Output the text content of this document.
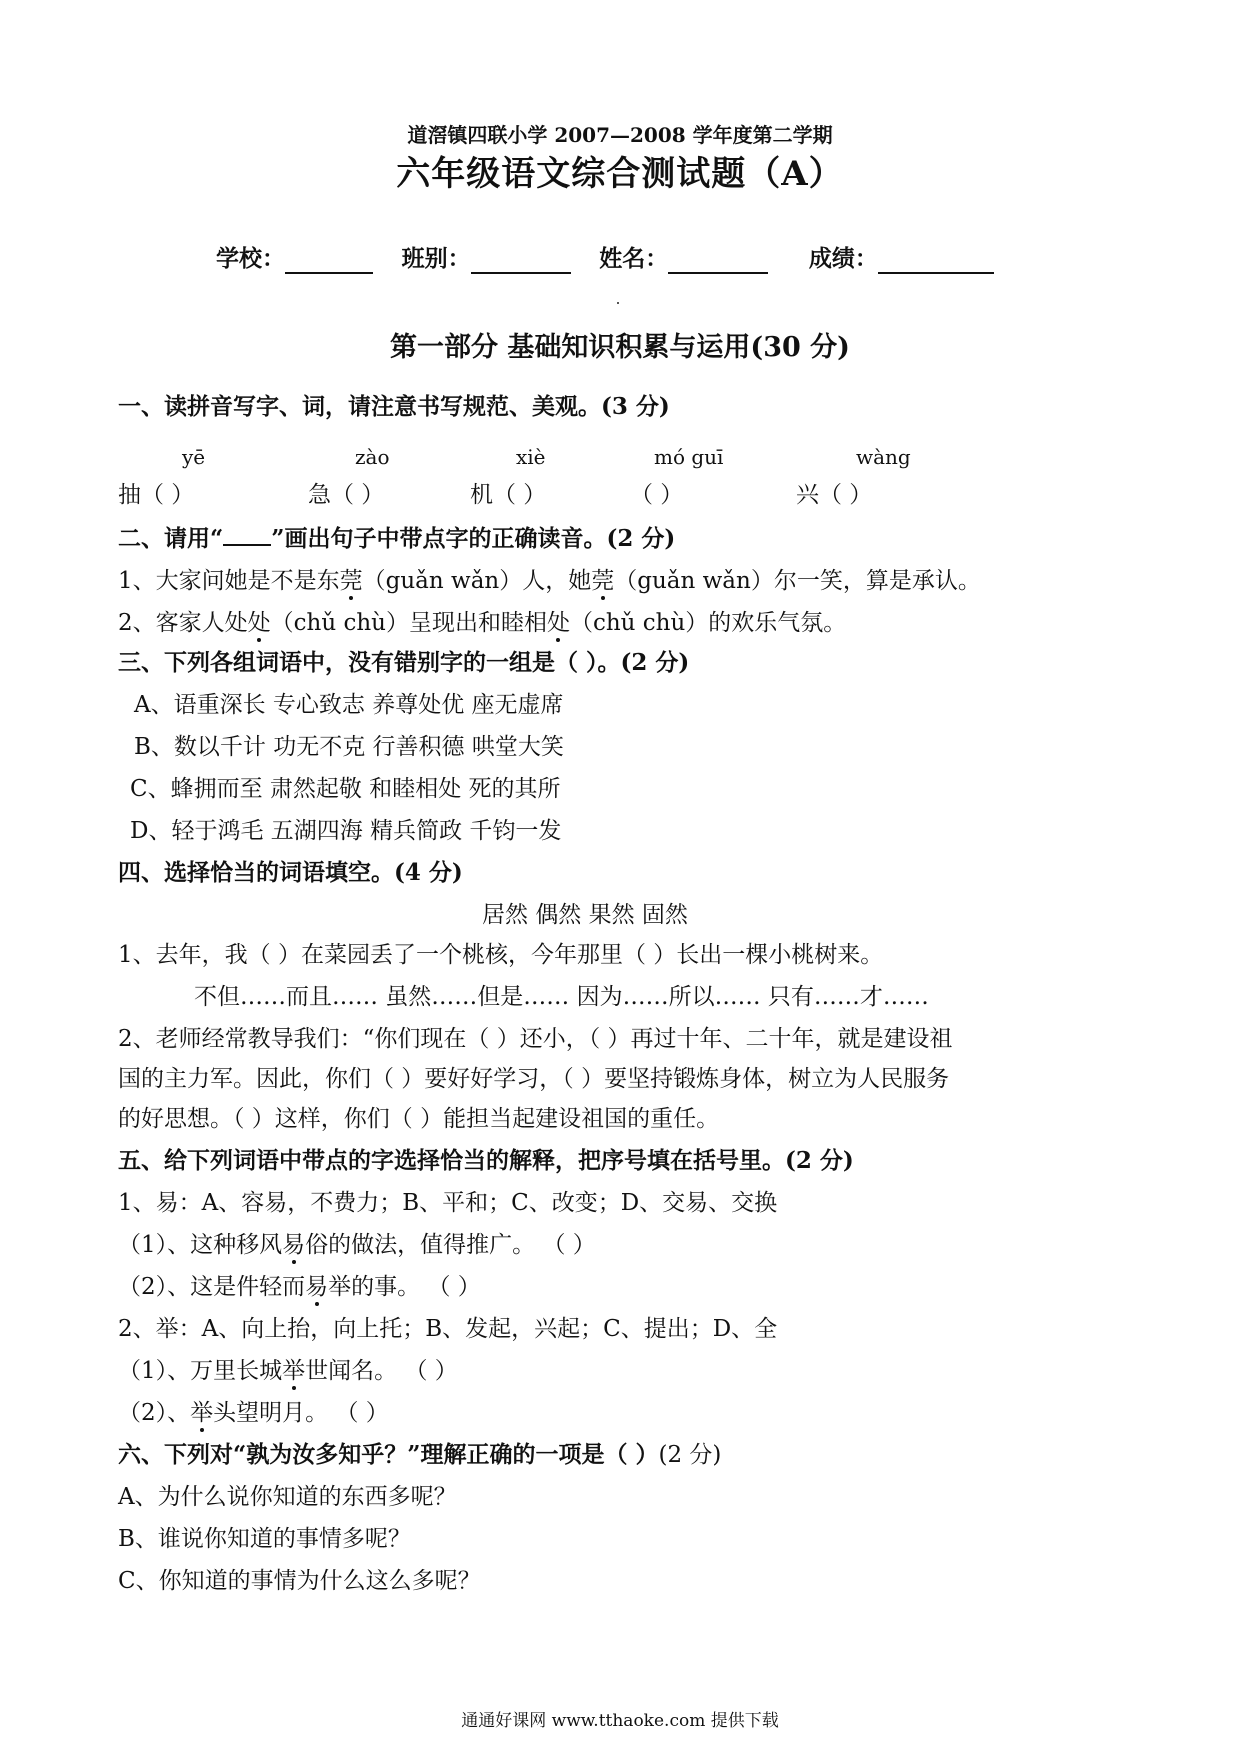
道滘镇四联小学 2007—2008 学年度第二学期
六年级语文综合测试题（A）
学校：	班别：	姓名：	成绩：
第一部分 基础知识积累与运用(30 分)
一、读拼音写字、词，请注意书写规范、美观。(3 分)
yē	zào	xiè	mó guī	wàng
抽（ ）	急（ ）	机（ ）	（ ）	兴（ ）
二、请用“ ”画出句子中带点字的正确读音。(2 分)
1、大家问她是不是东莞（guǎn wǎn）人，她莞（guǎn wǎn）尔一笑，算是承认。
2、客家人处处（chǔ chù）呈现出和睦相处（chǔ chù）的欢乐气氛。
三、下列各组词语中，没有错别字的一组是（ ）。(2 分)
A、语重深长 专心致志 养尊处优 座无虚席
B、数以千计 功无不克 行善积德 哄堂大笑
C、蜂拥而至 肃然起敬 和睦相处 死的其所
D、轻于鸿毛 五湖四海 精兵简政 千钧一发
四、选择恰当的词语填空。(4 分)
居然 偶然 果然 固然
1、去年，我（ ）在菜园丢了一个桃核，今年那里（ ）长出一棵小桃树来。
不但……而且…… 虽然……但是…… 因为……所以…… 只有……才……
2、老师经常教导我们：“你们现在（ ）还小，（ ）再过十年、二十年，就是建设祖
国的主力军。因此，你们（ ）要好好学习，（ ）要坚持锻炼身体，树立为人民服务
的好思想。（ ）这样，你们（ ）能担当起建设祖国的重任。
五、给下列词语中带点的字选择恰当的解释，把序号填在括号里。(2 分)
1、易：A、容易，不费力；B、平和；C、改变；D、交易、交换
（1）、这种移风易俗的做法，值得推广。 （ ）
（2）、这是件轻而易举的事。 （ ）
2、举：A、向上抬，向上托；B、发起，兴起；C、提出；D、全
（1）、万里长城举世闻名。 （ ）
（2）、举头望明月。 （ ）
六、下列对“孰为汝多知乎？”理解正确的一项是（ ）(2 分)
A、为什么说你知道的东西多呢？
B、谁说你知道的事情多呢？
C、你知道的事情为什么这么多呢？
通通好课网 www.tthaoke.com 提供下载
